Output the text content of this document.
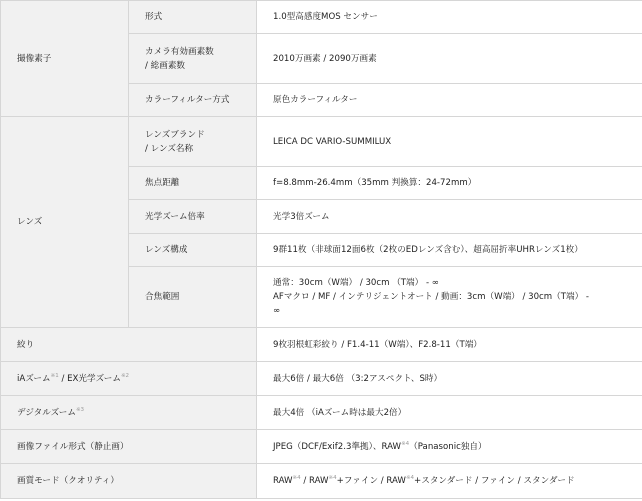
撮像素子	形式	1.0型高感度MOS センサー

	カメラ有効画素数
/ 総画素数	2010万画素 / 2090万画素
	カラーフィルター方式	原色カラーフィルター
レンズ	レンズブランド
/ レンズ名称	LEICA DC VARIO-SUMMILUX
	焦点距離	f=8.8mm-26.4mm（35mm 判換算：24-72mm）
	光学ズーム倍率	光学3倍ズーム
	レンズ構成	9群11枚（非球面12面6枚（2枚のEDレンズ含む）、超高屈折率UHRレンズ1枚）
	合焦範囲	通常：30cm（W端） / 30cm （T端） - ∞
AFマクロ / MF / インテリジェントオート / 動画：3cm（W端） / 30cm（T端） -
∞

絞り		9枚羽根虹彩絞り / F1.4-11（W端）、F2.8-11（T端）
iAズーム$^{※1}$ / EX光学ズーム$^{※2}$		最大6倍 / 最大6倍 （3:2アスペクト、S時）
デジタルズーム$^{※3}$		最大4倍 （iAズーム時は最大2倍）
画像ファイル形式（静止画）		JPEG（DCF/Exif2.3準拠）、RAW$^{※4}$（Panasonic独自）
画質モード（クオリティ）		$RAW^{※4} / RAW^{※4}+$ファイン / $RAW^{※4}+$スタンダード / ファイン / スタンダード
